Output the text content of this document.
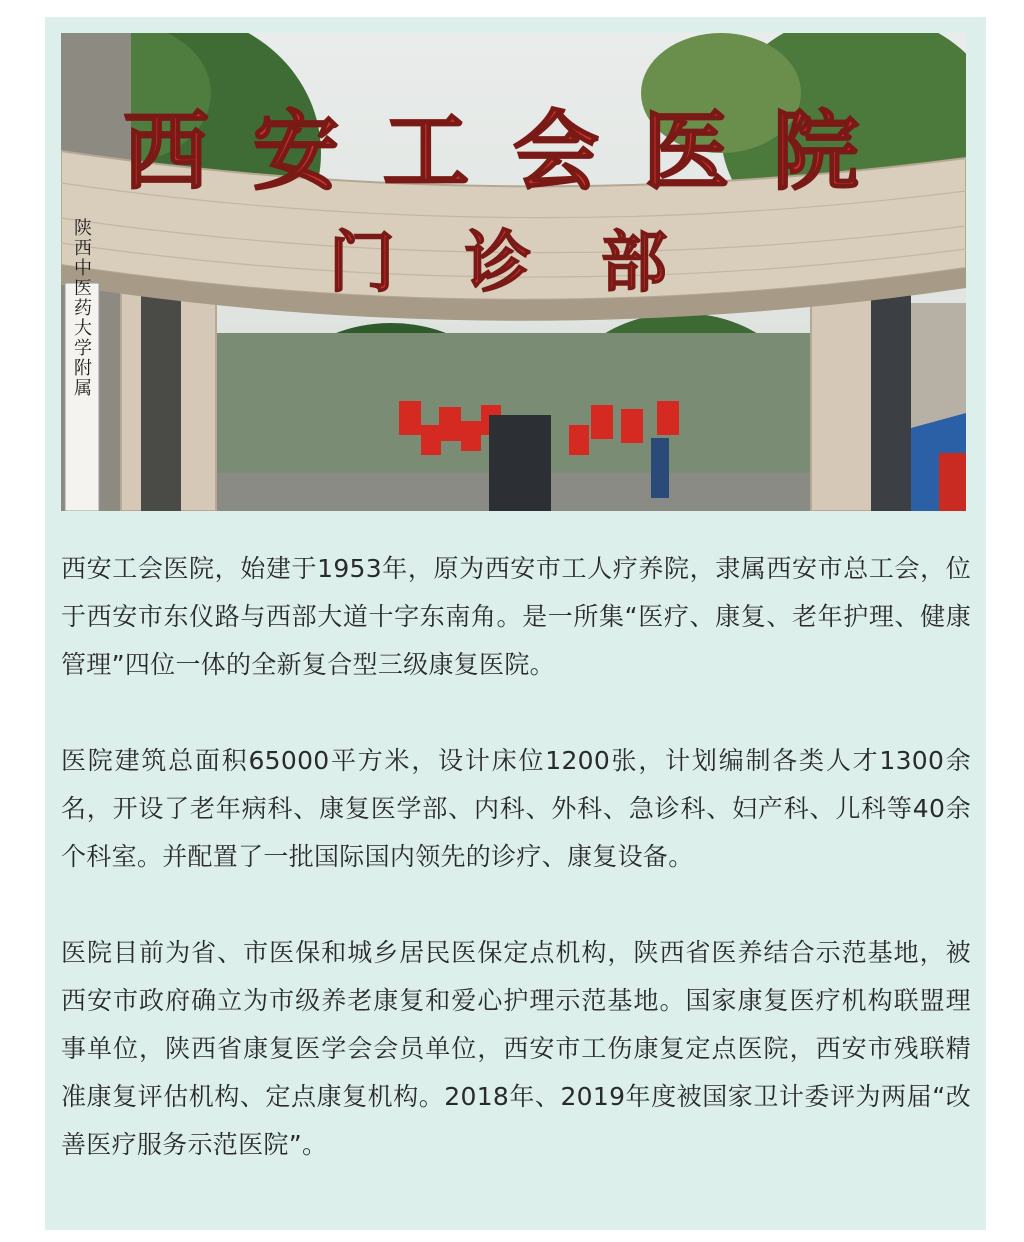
陕西中医药大学附属
西安工会医院
门诊部

西安工会医院，始建于1953年，原为西安市工人疗养院，隶属西安市总工会，位于西安市东仪路与西部大道十字东南角。是一所集“医疗、康复、老年护理、健康管理”四位一体的全新复合型三级康复医院。

医院建筑总面积65000平方米，设计床位1200张，计划编制各类人才1300余名，开设了老年病科、康复医学部、内科、外科、急诊科、妇产科、儿科等40余个科室。并配置了一批国际国内领先的诊疗、康复设备。

医院目前为省、市医保和城乡居民医保定点机构，陕西省医养结合示范基地，被西安市政府确立为市级养老康复和爱心护理示范基地。国家康复医疗机构联盟理事单位，陕西省康复医学会会员单位，西安市工伤康复定点医院，西安市残联精准康复评估机构、定点康复机构。2018年、2019年度被国家卫计委评为两届“改善医疗服务示范医院”。
